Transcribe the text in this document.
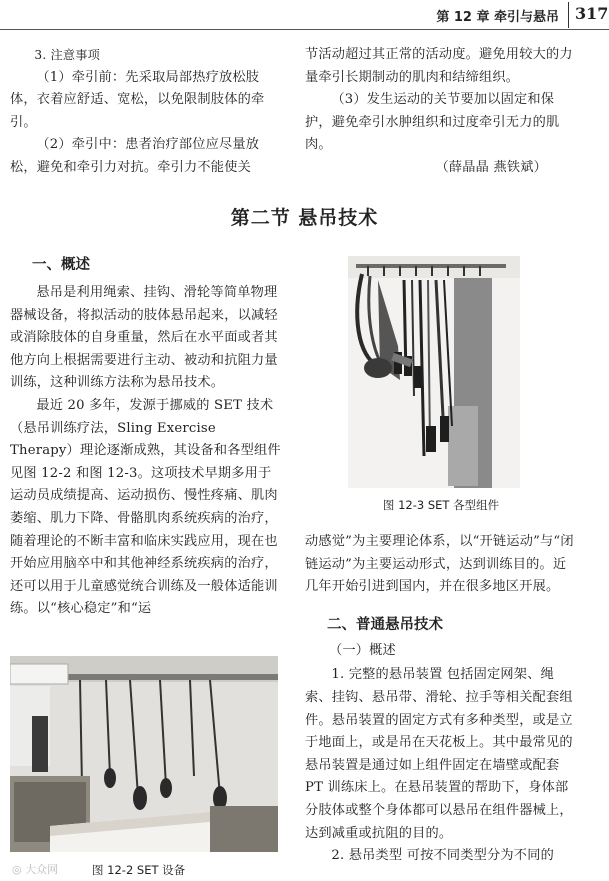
第 12 章 牵引与悬吊 317

3. 注意事项

（1）牵引前：先采取局部热疗放松肢体，衣着应舒适、宽松，以免限制肢体的牵引。

（2）牵引中：患者治疗部位应尽量放松，避免和牵引力对抗。牵引力不能使关

节活动超过其正常的活动度。避免用较大的力量牵引长期制动的肌肉和结缔组织。

（3）发生运动的关节要加以固定和保护，避免牵引水肿组织和过度牵引无力的肌肉。

（薛晶晶 燕铁斌）

第二节 悬吊技术

一、概述

悬吊是利用绳索、挂钩、滑轮等简单物理器械设备，将拟活动的肢体悬吊起来，以减轻或消除肢体的自身重量，然后在水平面或者其他方向上根据需要进行主动、被动和抗阻力量训练，这种训练方法称为悬吊技术。

最近 20 多年，发源于挪威的 SET 技术（悬吊训练疗法，Sling Exercise Therapy）理论逐渐成熟，其设备和各型组件见图 12-2 和图 12-3。这项技术早期多用于运动员成绩提高、运动损伤、慢性疼痛、肌肉萎缩、肌力下降、骨骼肌肉系统疾病的治疗，随着理论的不断丰富和临床实践应用，现在也开始应用脑卒中和其他神经系统疾病的治疗，还可以用于儿童感觉统合训练及一般体适能训练。以“核心稳定”和“运

图 12-3 SET 各型组件

动感觉”为主要理论体系，以“开链运动”与“闭链运动”为主要运动形式，达到训练目的。近几年开始引进到国内，并在很多地区开展。

二、普通悬吊技术

（一）概述

1. 完整的悬吊装置 包括固定网架、绳索、挂钩、悬吊带、滑轮、拉手等相关配套组件。悬吊装置的固定方式有多种类型，或是立于地面上，或是吊在天花板上。其中最常见的悬吊装置是通过如上组件固定在墙壁或配套 PT 训练床上。在悬吊装置的帮助下，身体部分肢体或整个身体都可以悬吊在组件器械上，达到减重或抗阻的目的。

2. 悬吊类型 可按不同类型分为不同的

图 12-2 SET 设备
◎ 大众网
